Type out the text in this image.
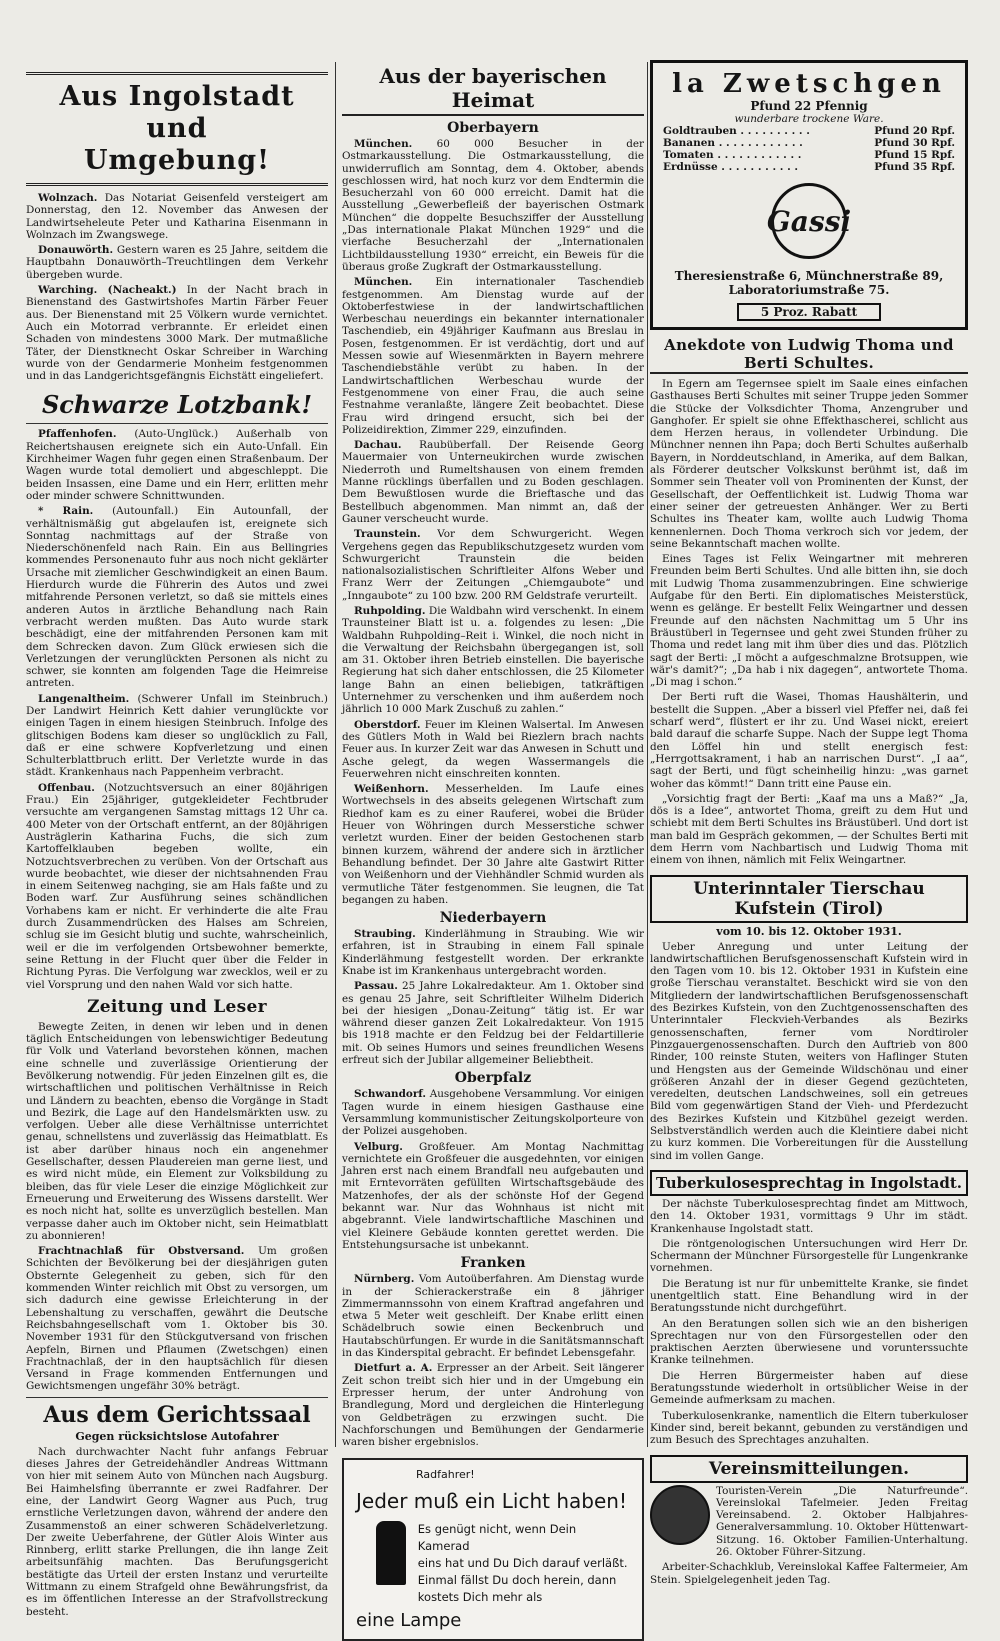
Aus Ingolstadt und
Umgebung!

Wolnzach. Das Notariat Geisenfeld versteigert am Donnerstag, den 12. November das Anwesen der Landwirtseheleute Peter und Katharina Eisenmann in Wolnzach im Zwangswege.

Donauwörth. Gestern waren es 25 Jahre, seitdem die Hauptbahn Donauwörth–Treuchtlingen dem Verkehr übergeben wurde.

Warching. (Nacheakt.) In der Nacht brach in Bienenstand des Gastwirtshofes Martin Färber Feuer aus. Der Bienenstand mit 25 Völkern wurde vernichtet. Auch ein Motorrad verbrannte. Er erleidet einen Schaden von mindestens 3000 Mark. Der mutmaßliche Täter, der Dienstknecht Oskar Schreiber in Warching wurde von der Gendarmerie Monheim festgenommen und in das Landgerichtsgefängnis Eichstätt eingeliefert.

Schwarze Lotzbank!

Pfaffenhofen. (Auto-Unglück.) Außerhalb von Reichertshausen ereignete sich ein Auto-Unfall. Ein Kirchheimer Wagen fuhr gegen einen Straßenbaum. Der Wagen wurde total demoliert und abgeschleppt. Die beiden Insassen, eine Dame und ein Herr, erlitten mehr oder minder schwere Schnittwunden.

* Rain. (Autounfall.) Ein Autounfall, der verhältnismäßig gut abgelaufen ist, ereignete sich Sonntag nachmittags auf der Straße von Niederschönenfeld nach Rain. Ein aus Bellingries kommendes Personenauto fuhr aus noch nicht geklärter Ursache mit ziemlicher Geschwindigkeit an einen Baum. Hierdurch wurde die Führerin des Autos und zwei mitfahrende Personen verletzt, so daß sie mittels eines anderen Autos in ärztliche Behandlung nach Rain verbracht werden mußten. Das Auto wurde stark beschädigt, eine der mitfahrenden Personen kam mit dem Schrecken davon. Zum Glück erwiesen sich die Verletzungen der verunglückten Personen als nicht zu schwer, sie konnten am folgenden Tage die Heimreise antreten.

Langenaltheim. (Schwerer Unfall im Steinbruch.) Der Landwirt Heinrich Kett dahier verunglückte vor einigen Tagen in einem hiesigen Steinbruch. Infolge des glitschigen Bodens kam dieser so unglücklich zu Fall, daß er eine schwere Kopfverletzung und einen Schulterblattbruch erlitt. Der Verletzte wurde in das städt. Krankenhaus nach Pappenheim verbracht.

Offenbau. (Notzuchtsversuch an einer 80jährigen Frau.) Ein 25jähriger, gutgekleideter Fechtbruder versuchte am vergangenen Samstag mittags 12 Uhr ca. 400 Meter von der Ortschaft entfernt, an der 80jährigen Austräglerin Katharina Fuchs, die sich zum Kartoffelklauben begeben wollte, ein Notzuchtsverbrechen zu verüben. Von der Ortschaft aus wurde beobachtet, wie dieser der nichtsahnenden Frau in einem Seitenweg nachging, sie am Hals faßte und zu Boden warf. Zur Ausführung seines schändlichen Vorhabens kam er nicht. Er verhinderte die alte Frau durch Zusammendrücken des Halses am Schreien, schlug sie im Gesicht blutig und suchte, wahrscheinlich, weil er die im verfolgenden Ortsbewohner bemerkte, seine Rettung in der Flucht quer über die Felder in Richtung Pyras. Die Verfolgung war zwecklos, weil er zu viel Vorsprung und den nahen Wald vor sich hatte.

Zeitung und Leser

Bewegte Zeiten, in denen wir leben und in denen täglich Entscheidungen von lebenswichtiger Bedeutung für Volk und Vaterland bevorstehen können, machen eine schnelle und zuverlässige Orientierung der Bevölkerung notwendig. Für jeden Einzelnen gilt es, die wirtschaftlichen und politischen Verhältnisse in Reich und Ländern zu beachten, ebenso die Vorgänge in Stadt und Bezirk, die Lage auf den Handelsmärkten usw. zu verfolgen. Ueber alle diese Verhältnisse unterrichtet genau, schnellstens und zuverlässig das Heimatblatt. Es ist aber darüber hinaus noch ein angenehmer Gesellschafter, dessen Plaudereien man gerne liest, und es wird nicht müde, ein Element zur Volksbildung zu bleiben, das für viele Leser die einzige Möglichkeit zur Erneuerung und Erweiterung des Wissens darstellt. Wer es noch nicht hat, sollte es unverzüglich bestellen. Man verpasse daher auch im Oktober nicht, sein Heimatblatt zu abonnieren!

Frachtnachlaß für Obstversand. Um großen Schichten der Bevölkerung bei der diesjährigen guten Obsternte Gelegenheit zu geben, sich für den kommenden Winter reichlich mit Obst zu versorgen, um sich dadurch eine gewisse Erleichterung in der Lebenshaltung zu verschaffen, gewährt die Deutsche Reichsbahngesellschaft vom 1. Oktober bis 30. November 1931 für den Stückgutversand von frischen Aepfeln, Birnen und Pflaumen (Zwetschgen) einen Frachtnachlaß, der in den hauptsächlich für diesen Versand in Frage kommenden Entfernungen und Gewichtsmengen ungefähr 30% beträgt.

Aus dem Gerichtssaal
Gegen rücksichtslose Autofahrer

Nach durchwachter Nacht fuhr anfangs Februar dieses Jahres der Getreidehändler Andreas Wittmann von hier mit seinem Auto von München nach Augsburg. Bei Haimhelsfing überrannte er zwei Radfahrer. Der eine, der Landwirt Georg Wagner aus Puch, trug ernstliche Verletzungen davon, während der andere den Zusammenstoß an einer schweren Schädelverletzung. Der zweite Ueberfahrene, der Gütler Alois Winter aus Rinnberg, erlitt starke Prellungen, die ihn lange Zeit arbeitsunfähig machten. Das Berufungsgericht bestätigte das Urteil der ersten Instanz und verurteilte Wittmann zu einem Strafgeld ohne Bewährungsfrist, da es im öffentlichen Interesse an der Strafvollstreckung besteht.

Aus der bayerischen Heimat
Oberbayern

München. 60 000 Besucher in der Ostmarkausstellung. Die Ostmarkausstellung, die unwiderruflich am Sonntag, dem 4. Oktober, abends geschlossen wird, hat noch kurz vor dem Endtermin die Besucherzahl von 60 000 erreicht. Damit hat die Ausstellung „Gewerbefleiß der bayerischen Ostmark München“ die doppelte Besuchsziffer der Ausstellung „Das internationale Plakat München 1929“ und die vierfache Besucherzahl der „Internationalen Lichtbildausstellung 1930“ erreicht, ein Beweis für die überaus große Zugkraft der Ostmarkausstellung.

München. Ein internationaler Taschendieb festgenommen. Am Dienstag wurde auf der Oktoberfestwiese in der landwirtschaftlichen Werbeschau neuerdings ein bekannter internationaler Taschendieb, ein 49jähriger Kaufmann aus Breslau in Posen, festgenommen. Er ist verdächtig, dort und auf Messen sowie auf Wiesenmärkten in Bayern mehrere Taschendiebstähle verübt zu haben. In der Landwirtschaftlichen Werbeschau wurde der Festgenommene von einer Frau, die auch seine Festnahme veranlaßte, längere Zeit beobachtet. Diese Frau wird dringend ersucht, sich bei der Polizeidirektion, Zimmer 229, einzufinden.

Dachau. Raubüberfall. Der Reisende Georg Mauermaier von Unterneukirchen wurde zwischen Niederroth und Rumeltshausen von einem fremden Manne rücklings überfallen und zu Boden geschlagen. Dem Bewußtlosen wurde die Brieftasche und das Bestellbuch abgenommen. Man nimmt an, daß der Gauner verscheucht wurde.

Traunstein. Vor dem Schwurgericht. Wegen Vergehens gegen das Republikschutzgesetz wurden vom Schwurgericht Traunstein die beiden nationalsozialistischen Schriftleiter Alfons Weber und Franz Werr der Zeitungen „Chiemgaubote“ und „Inngaubote“ zu 100 bzw. 200 RM Geldstrafe verurteilt.

Ruhpolding. Die Waldbahn wird verschenkt. In einem Traunsteiner Blatt ist u. a. folgendes zu lesen: „Die Waldbahn Ruhpolding–Reit i. Winkel, die noch nicht in die Verwaltung der Reichsbahn übergegangen ist, soll am 31. Oktober ihren Betrieb einstellen. Die bayerische Regierung hat sich daher entschlossen, die 25 Kilometer lange Bahn an einen beliebigen, tatkräftigen Unternehmer zu verschenken und ihm außerdem noch jährlich 10 000 Mark Zuschuß zu zahlen.“

Oberstdorf. Feuer im Kleinen Walsertal. Im Anwesen des Gütlers Moth in Wald bei Riezlern brach nachts Feuer aus. In kurzer Zeit war das Anwesen in Schutt und Asche gelegt, da wegen Wassermangels die Feuerwehren nicht einschreiten konnten.

Weißenhorn. Messerhelden. Im Laufe eines Wortwechsels in des abseits gelegenen Wirtschaft zum Riedhof kam es zu einer Rauferei, wobei die Brüder Heuer von Wöhringen durch Messerstiche schwer verletzt wurden. Einer der beiden Gestochenen starb binnen kurzem, während der andere sich in ärztlicher Behandlung befindet. Der 30 Jahre alte Gastwirt Ritter von Weißenhorn und der Viehhändler Schmid wurden als vermutliche Täter festgenommen. Sie leugnen, die Tat begangen zu haben.

Niederbayern

Straubing. Kinderlähmung in Straubing. Wie wir erfahren, ist in Straubing in einem Fall spinale Kinderlähmung festgestellt worden. Der erkrankte Knabe ist im Krankenhaus untergebracht worden.

Passau. 25 Jahre Lokalredakteur. Am 1. Oktober sind es genau 25 Jahre, seit Schriftleiter Wilhelm Diderich bei der hiesigen „Donau-Zeitung“ tätig ist. Er war während dieser ganzen Zeit Lokalredakteur. Von 1915 bis 1918 machte er den Feldzug bei der Feldartillerie mit. Ob seines Humors und seines freundlichen Wesens erfreut sich der Jubilar allgemeiner Beliebtheit.

Oberpfalz

Schwandorf. Ausgehobene Versammlung. Vor einigen Tagen wurde in einem hiesigen Gasthause eine Versammlung kommunistischer Zeitungskolporteure von der Polizei ausgehoben.

Velburg. Großfeuer. Am Montag Nachmittag vernichtete ein Großfeuer die ausgedehnten, vor einigen Jahren erst nach einem Brandfall neu aufgebauten und mit Erntevorräten gefüllten Wirtschaftsgebäude des Matzenhofes, der als der schönste Hof der Gegend bekannt war. Nur das Wohnhaus ist nicht mit abgebrannt. Viele landwirtschaftliche Maschinen und viel Kleinere Gebäude konnten gerettet werden. Die Entstehungsursache ist unbekannt.

Franken

Nürnberg. Vom Autoüberfahren. Am Dienstag wurde in der Schierackerstraße ein 8 jähriger Zimmermannssohn von einem Kraftrad angefahren und etwa 5 Meter weit geschleift. Der Knabe erlitt einen Schädelbruch sowie einen Beckenbruch und Hautabschürfungen. Er wurde in die Sanitätsmannschaft in das Kinderspital gebracht. Er befindet Lebensgefahr.

Dietfurt a. A. Erpresser an der Arbeit. Seit längerer Zeit schon treibt sich hier und in der Umgebung ein Erpresser herum, der unter Androhung von Brandlegung, Mord und dergleichen die Hinterlegung von Geldbeträgen zu erzwingen sucht. Die Nachforschungen und Bemühungen der Gendarmerie waren bisher ergebnislos.

Radfahrer!
Jeder muß ein Licht haben!
Es genügt nicht, wenn Dein Kamerad
eins hat und Du Dich darauf verläßt.
Einmal fällst Du doch herein, dann
kostets Dich mehr als
eine Lampe
la Zwetschgen
Pfund 22 Pfennig
wunderbare trockene Ware.
Goldtrauben . . . . . . . . . .	Pfund 20 Rpf.
Bananen . . . . . . . . . . . .	Pfund 30 Rpf.
Tomaten . . . . . . . . . . . .	Pfund 15 Rpf.
Erdnüsse . . . . . . . . . . .	Pfund 35 Rpf.
Gassi
Theresienstraße 6, Münchnerstraße 89,
Laboratoriumstraße 75.
5 Proz. Rabatt
Anekdote von Ludwig Thoma und Berti Schultes.

In Egern am Tegernsee spielt im Saale eines einfachen Gasthauses Berti Schultes mit seiner Truppe jeden Sommer die Stücke der Volksdichter Thoma, Anzengruber und Ganghofer. Er spielt sie ohne Effekthascherei, schlicht aus dem Herzen heraus, in vollendeter Urbindung. Die Münchner nennen ihn Papa; doch Berti Schultes außerhalb Bayern, in Norddeutschland, in Amerika, auf dem Balkan, als Förderer deutscher Volkskunst berühmt ist, daß im Sommer sein Theater voll von Prominenten der Kunst, der Gesellschaft, der Oeffentlichkeit ist. Ludwig Thoma war einer seiner der getreuesten Anhänger. Wer zu Berti Schultes ins Theater kam, wollte auch Ludwig Thoma kennenlernen. Doch Thoma verkroch sich vor jedem, der seine Bekanntschaft machen wollte.

Eines Tages ist Felix Weingartner mit mehreren Freunden beim Berti Schultes. Und alle bitten ihn, sie doch mit Ludwig Thoma zusammenzubringen. Eine schwierige Aufgabe für den Berti. Ein diplomatisches Meisterstück, wenn es gelänge. Er bestellt Felix Weingartner und dessen Freunde auf den nächsten Nachmittag um 5 Uhr ins Bräustüberl in Tegernsee und geht zwei Stunden früher zu Thoma und redet lang mit ihm über dies und das. Plötzlich sagt der Berti: „I möcht a aufgeschmalzne Brotsuppen, wie wär's damit?“; „Da hab i nix dagegen“, antwortete Thoma. „Di mag i schon.“

Der Berti ruft die Wasei, Thomas Haushälterin, und bestellt die Suppen. „Aber a bisserl viel Pfeffer nei, daß fei scharf werd“, flüstert er ihr zu. Und Wasei nickt, ereiert bald darauf die scharfe Suppe. Nach der Suppe legt Thoma den Löffel hin und stellt energisch fest: „Herrgottsakrament, i hab an narrischen Durst“. „I aa“, sagt der Berti, und fügt scheinheilig hinzu: „was garnet woher das kömmt!“ Dann tritt eine Pause ein.

„Vorsichtig fragt der Berti: „Kaaf ma uns a Maß?“ „Ja, dös is a Idee“, antwortet Thoma, greift zu dem Hut und schiebt mit dem Berti Schultes ins Bräustüberl. Und dort ist man bald im Gespräch gekommen, — der Schultes Berti mit dem Herrn vom Nachbartisch und Ludwig Thoma mit einem von ihnen, nämlich mit Felix Weingartner.

Unterinntaler Tierschau Kufstein (Tirol)
vom 10. bis 12. Oktober 1931.

Ueber Anregung und unter Leitung der landwirtschaftlichen Berufsgenossenschaft Kufstein wird in den Tagen vom 10. bis 12. Oktober 1931 in Kufstein eine große Tierschau veranstaltet. Beschickt wird sie von den Mitgliedern der landwirtschaftlichen Berufsgenossenschaft des Bezirkes Kufstein, von den Zuchtgenossenschaften des Unterinntaler Fleckvieh-Verbandes als Bezirks genossenschaften, ferner vom Nordtiroler Pinzgauergenossenschaften. Durch den Auftrieb von 800 Rinder, 100 reinste Stuten, weiters von Haflinger Stuten und Hengsten aus der Gemeinde Wildschönau und einer größeren Anzahl der in dieser Gegend gezüchteten, veredelten, deutschen Landschweines, soll ein getreues Bild vom gegenwärtigen Stand der Vieh- und Pferdezucht des Bezirkes Kufstein und Kitzbühel gezeigt werden. Selbstverständlich werden auch die Kleintiere dabei nicht zu kurz kommen. Die Vorbereitungen für die Ausstellung sind im vollen Gange.

Tuberkulosesprechtag in Ingolstadt.

Der nächste Tuberkulosesprechtag findet am Mittwoch, den 14. Oktober 1931, vormittags 9 Uhr im städt. Krankenhause Ingolstadt statt.

Die röntgenologischen Untersuchungen wird Herr Dr. Schermann der Münchner Fürsorgestelle für Lungenkranke vornehmen.

Die Beratung ist nur für unbemittelte Kranke, sie findet unentgeltlich statt. Eine Behandlung wird in der Beratungsstunde nicht durchgeführt.

An den Beratungen sollen sich wie an den bisherigen Sprechtagen nur von den Fürsorgestellen oder den praktischen Aerzten überwiesene und vorunterssuchte Kranke teilnehmen.

Die Herren Bürgermeister haben auf diese Beratungsstunde wiederholt in ortsüblicher Weise in der Gemeinde aufmerksam zu machen.

Tuberkulosenkranke, namentlich die Eltern tuberkuloser Kinder sind, bereit bekannt, gebunden zu verständigen und zum Besuch des Sprechtages anzuhalten.

Vereinsmitteilungen.

Touristen-Verein „Die Naturfreunde“. Vereinslokal Tafelmeier. Jeden Freitag Vereinsabend. 2. Oktober Halbjahres-Generalversammlung. 10. Oktober Hüttenwart-Sitzung. 16. Oktober Familien-Unterhaltung. 26. Oktober Führer-Sitzung.

Arbeiter-Schachklub, Vereinslokal Kaffee Faltermeier, Am Stein. Spielgelegenheit jeden Tag.
